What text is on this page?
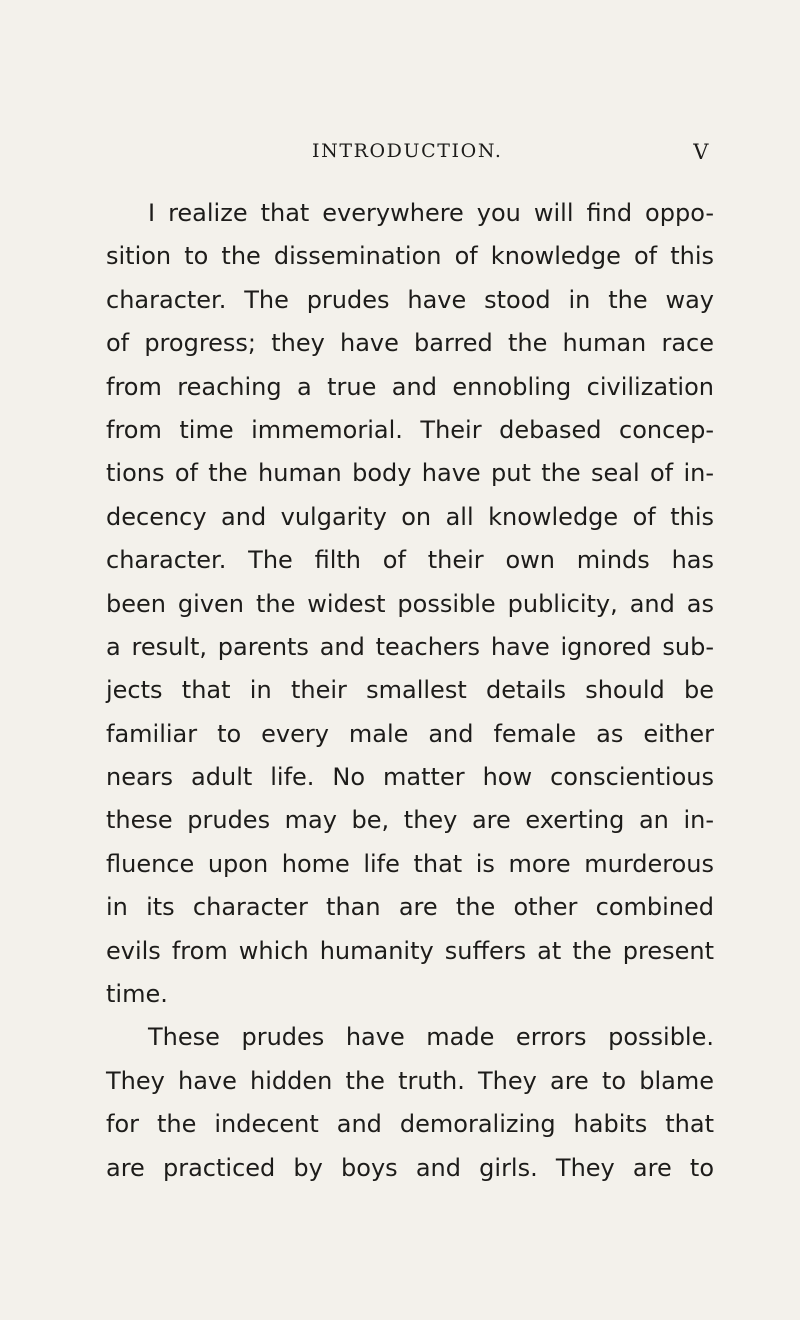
INTRODUCTION.	V
I realize that everywhere you will find oppo-
sition to the dissemination of knowledge of this
character. The prudes have stood in the way
of progress; they have barred the human race
from reaching a true and ennobling civilization
from time immemorial. Their debased concep-
tions of the human body have put the seal of in-
decency and vulgarity on all knowledge of this
character. The filth of their own minds has
been given the widest possible publicity, and as
a result, parents and teachers have ignored sub-
jects that in their smallest details should be
familiar to every male and female as either
nears adult life. No matter how conscientious
these prudes may be, they are exerting an in-
fluence upon home life that is more murderous
in its character than are the other combined
evils from which humanity suffers at the present
time.
These prudes have made errors possible.
They have hidden the truth. They are to blame
for the indecent and demoralizing habits that
are practiced by boys and girls. They are to
